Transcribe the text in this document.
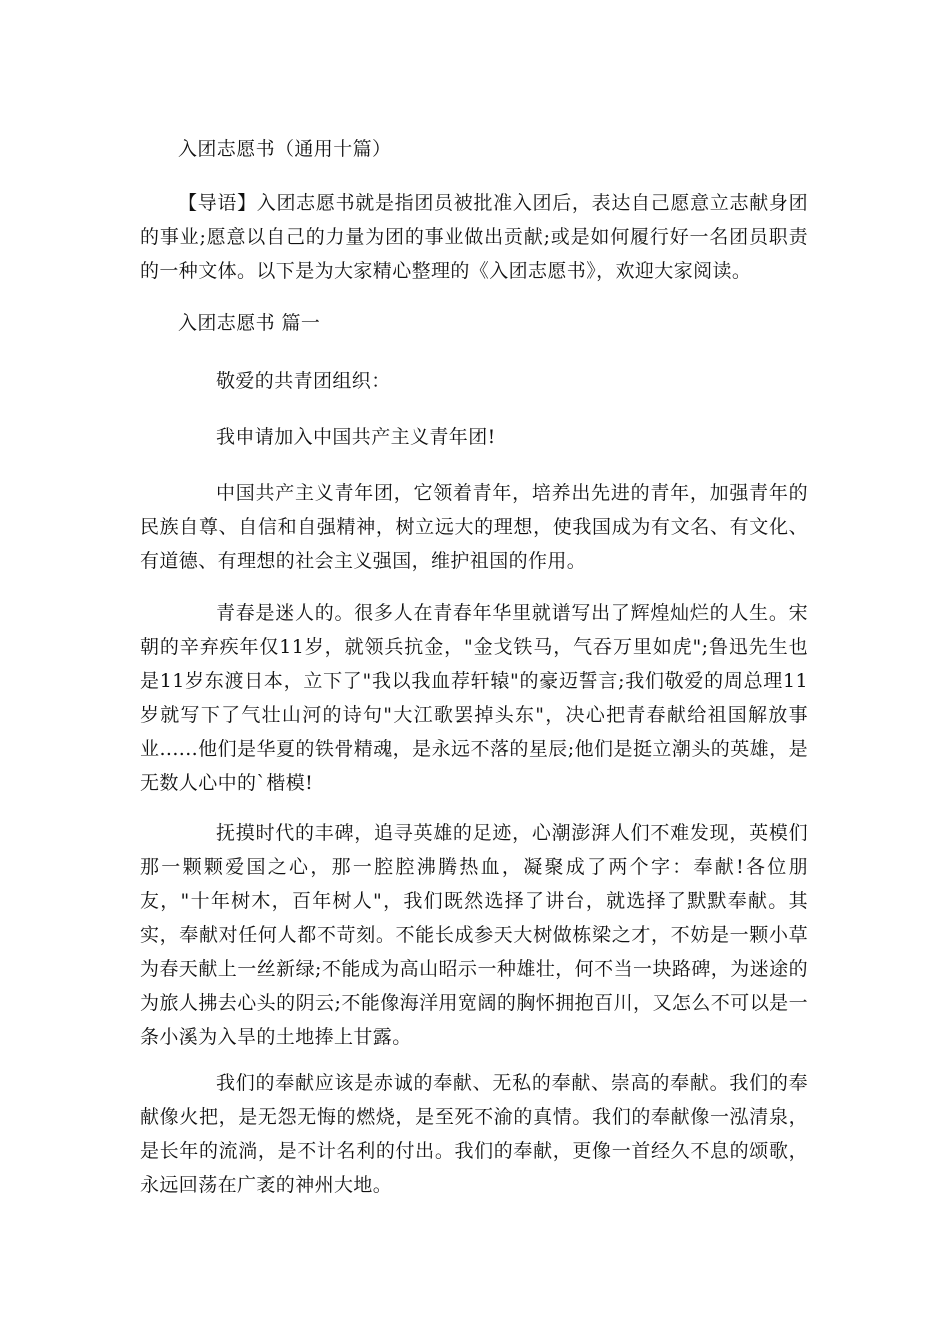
入团志愿书（通用十篇）
【导语】入团志愿书就是指团员被批准入团后，表达自己愿意立志献身团的事业;愿意以自己的力量为团的事业做出贡献;或是如何履行好一名团员职责的一种文体。以下是为大家精心整理的《入团志愿书》，欢迎大家阅读。
入团志愿书 篇一
敬爱的共青团组织：
我申请加入中国共产主义青年团!
中国共产主义青年团，它领着青年，培养出先进的青年，加强青年的民族自尊、自信和自强精神，树立远大的理想，使我国成为有文名、有文化、有道德、有理想的社会主义强国，维护祖国的作用。
青春是迷人的。很多人在青春年华里就谱写出了辉煌灿烂的人生。宋朝的辛弃疾年仅11岁，就领兵抗金，"金戈铁马，气吞万里如虎";鲁迅先生也是11岁东渡日本，立下了"我以我血荐轩辕"的豪迈誓言;我们敬爱的周总理11岁就写下了气壮山河的诗句"大江歌罢掉头东"，决心把青春献给祖国解放事业......他们是华夏的铁骨精魂，是永远不落的星辰;他们是挺立潮头的英雄，是无数人心中的`楷模!
抚摸时代的丰碑，追寻英雄的足迹，心潮澎湃人们不难发现，英模们那一颗颗爱国之心，那一腔腔沸腾热血，凝聚成了两个字：奉献!各位朋友，"十年树木，百年树人"，我们既然选择了讲台，就选择了默默奉献。其实，奉献对任何人都不苛刻。不能长成参天大树做栋梁之才，不妨是一颗小草为春天献上一丝新绿;不能成为高山昭示一种雄壮，何不当一块路碑，为迷途的为旅人拂去心头的阴云;不能像海洋用宽阔的胸怀拥抱百川，又怎么不可以是一条小溪为入旱的土地捧上甘露。
我们的奉献应该是赤诚的奉献、无私的奉献、崇高的奉献。我们的奉献像火把，是无怨无悔的燃烧，是至死不渝的真情。我们的奉献像一泓清泉，是长年的流淌，是不计名利的付出。我们的奉献，更像一首经久不息的颂歌，永远回荡在广袤的神州大地。
